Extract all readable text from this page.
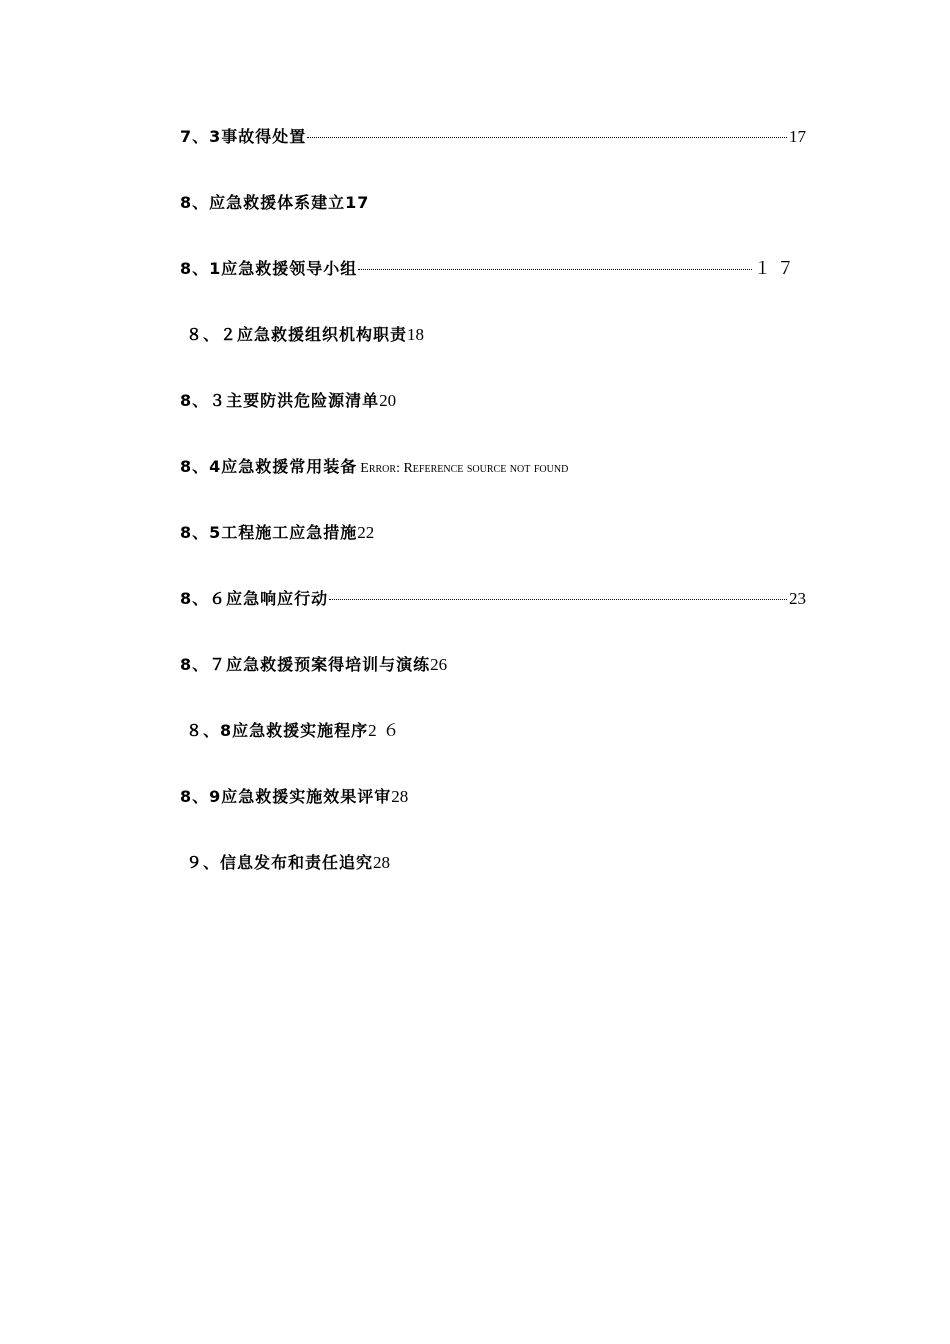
7、3事故得处置	17
8、应急救援体系建立17
8、1应急救援领导小组	１７
８、２应急救援组织机构职责 18
8、３主要防洪危险源清单 20
8、4应急救援常用装备 Error: Reference source not found
8、5工程施工应急措施 22
8、６应急响应行动	23
8、７应急救援预案得培训与演练 26
８、8应急救援实施程序 2６
8、9应急救援实施效果评审 28
９、信息发布和责任追究 28
